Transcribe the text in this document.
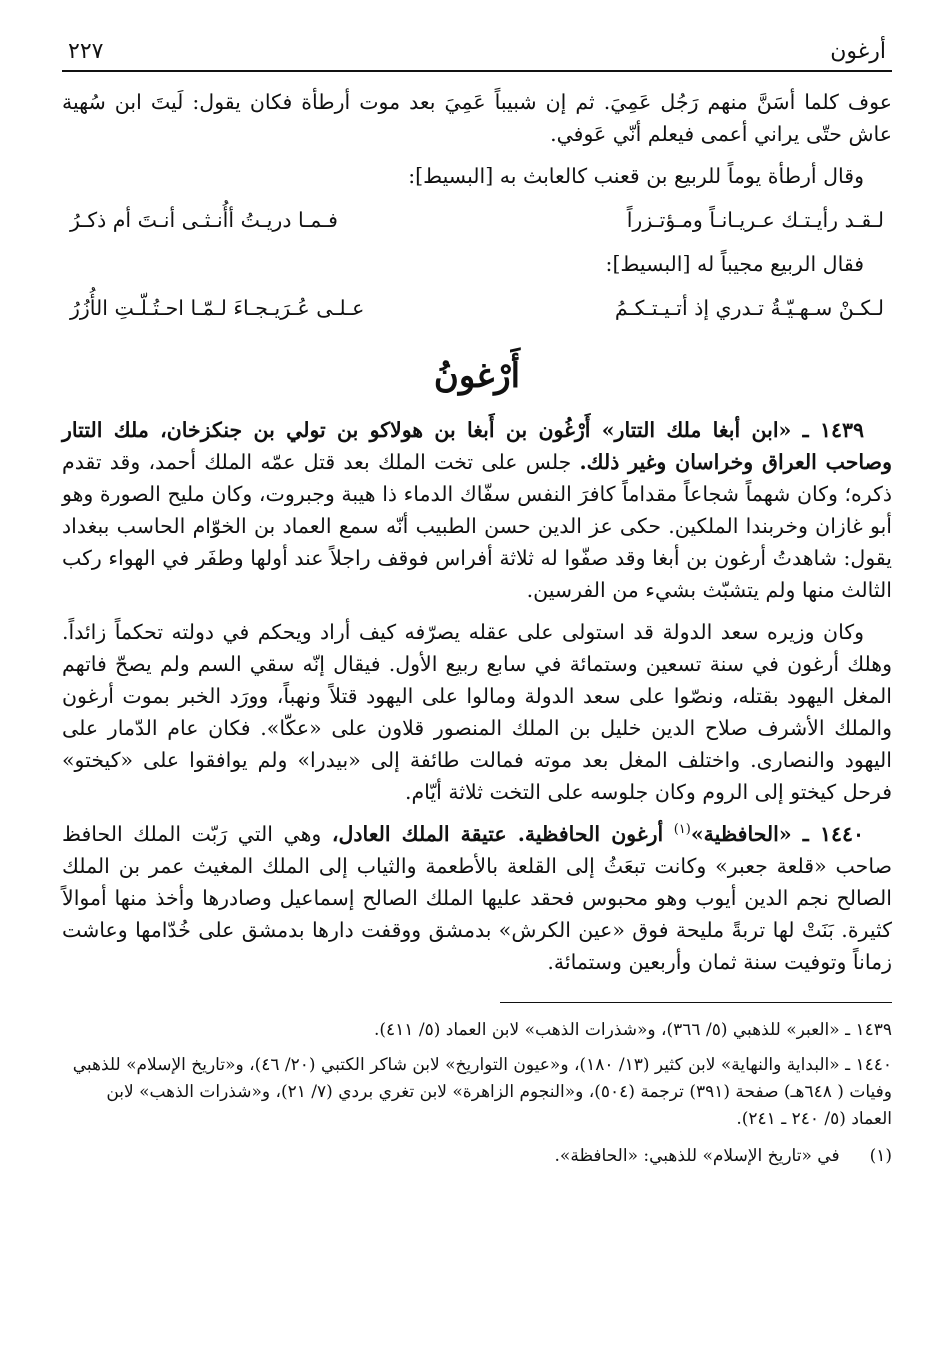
أرغون
٢٢٧

عوف كلما أسَنَّ منهم رَجُل عَمِيَ. ثم إن شبيباً عَمِيَ بعد موت أرطأة فكان يقول: لَيتَ ابن سُهية عاش حتّى يراني أعمى فيعلم أنّي عَوفي.

وقال أرطأة يوماً للربيع بن قعنب كالعابث به [البسيط]:

لـقـد رأيـتـك عـريـانـاً ومـؤتـزراً
فـمـا دريـتُ أأُنـثـى أنـتَ أم ذكـرُ

فقال الربيع مجيباً له [البسيط]:

لـكـنْ سـهـيّـةُ تـدري إذ أتـيـتـكـمُ
عـلـى عُـرَيـجـاءَ لـمّـا احـتُـلّـتِ الأُزُرُ

أَرْغونُ

١٤٣٩ ـ «ابن أبغا ملك التتار» أَرْغُون بن أَبغا بن هولاكو بن تولي بن جنكزخان، ملك التتار وصاحب العراق وخراسان وغير ذلك. جلس على تخت الملك بعد قتل عمّه الملك أحمد، وقد تقدم ذكره؛ وكان شهماً شجاعاً مقداماً كافرَ النفس سفّاك الدماء ذا هيبة وجبروت، وكان مليح الصورة وهو أبو غازان وخربندا الملكين. حكى عز الدين حسن الطبيب أنّه سمع العماد بن الخوّام الحاسب ببغداد يقول: شاهدتُ أرغون بن أبغا وقد صفّوا له ثلاثة أفراس فوقف راجلاً عند أولها وطفَر في الهواء ركب الثالث منها ولم يتشبّث بشيء من الفرسين.

وكان وزيره سعد الدولة قد استولى على عقله يصرّفه كيف أراد ويحكم في دولته تحكماً زائداً. وهلك أرغون في سنة تسعين وستمائة في سابع ربيع الأول. فيقال إنّه سقي السم ولم يصحّ فاتهم المغل اليهود بقتله، ونصّوا على سعد الدولة ومالوا على اليهود قتلاً ونهباً، وورَد الخبر بموت أرغون والملك الأشرف صلاح الدين خليل بن الملك المنصور قلاون على «عكّا». فكان عام الدّمار على اليهود والنصارى. واختلف المغل بعد موته فمالت طائفة إلى «بيدرا» ولم يوافقوا على «كيختو» فرحل كيختو إلى الروم وكان جلوسه على التخت ثلاثة أيّام.

١٤٤٠ ـ «الحافظية»$^{(١)}$ أرغون الحافظية. عتيقة الملك العادل، وهي التي رَبّت الملك الحافظ صاحب «قلعة جعبر» وكانت تبعَثُ إلى القلعة بالأطعمة والثياب إلى الملك المغيث عمر بن الملك الصالح نجم الدين أيوب وهو محبوس فحقد عليها الملك الصالح إسماعيل وصادرها وأخذ منها أموالاً كثيرة. بَنَتْ لها تربةً مليحة فوق «عين الكرش» بدمشق ووقفت دارها بدمشق على خُدّامها وعاشت زماناً وتوفيت سنة ثمان وأربعين وستمائة.

١٤٣٩ ـ «العبر» للذهبي (٥/ ٣٦٦)، و«شذرات الذهب» لابن العماد (٥/ ٤١١).

١٤٤٠ ـ «البداية والنهاية» لابن كثير (١٣/ ١٨٠)، و«عيون التواريخ» لابن شاكر الكتبي (٢٠/ ٤٦)، و«تاريخ الإسلام» للذهبي وفيات ( ٦٤٨هـ) صفحة (٣٩١) ترجمة (٥٠٤)، و«النجوم الزاهرة» لابن تغري بردي (٧/ ٢١)، و«شذرات الذهب» لابن العماد (٥/ ٢٤٠ ـ ٢٤١).

(١)
في «تاريخ الإسلام» للذهبي: «الحافظة».
